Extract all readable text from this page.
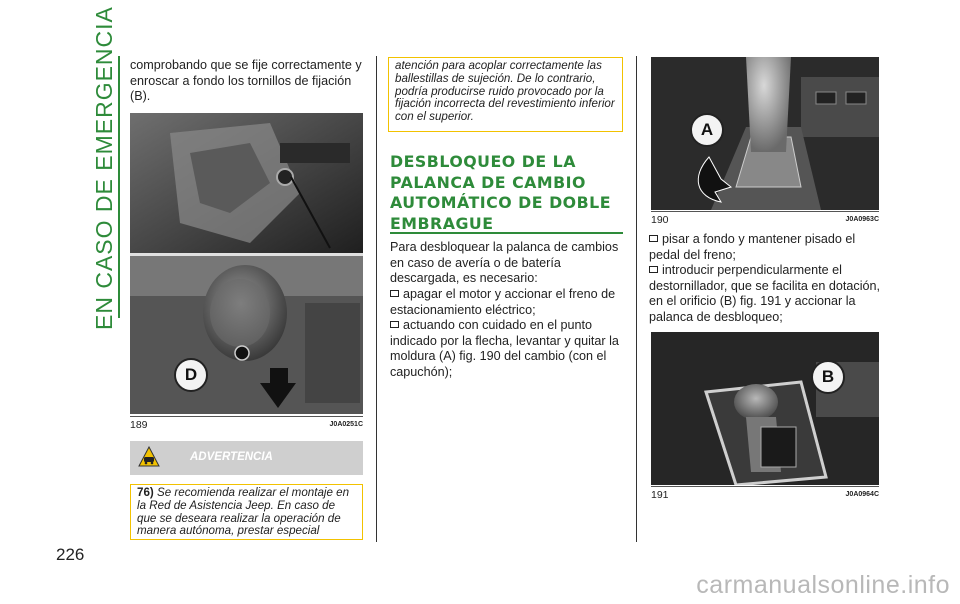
EN CASO DE EMERGENCIA
226
comprobando que se fije correctamente y enroscar a fondo los tornillos de fijación (B).
D
189	J0A0251C
ADVERTENCIA
76) Se recomienda realizar el montaje en la Red de Asistencia Jeep. En caso de que se deseara realizar la operación de manera autónoma, prestar especial
atención para acoplar correctamente las ballestillas de sujeción. De lo contrario, podría producirse ruido provocado por la fijación incorrecta del revestimiento inferior con el superior.
DESBLOQUEO DE LA PALANCA DE CAMBIO AUTOMÁTICO DE DOBLE EMBRAGUE
Para desbloquear la palanca de cambios en caso de avería o de batería descargada, es necesario:
apagar el motor y accionar el freno de estacionamiento eléctrico;
actuando con cuidado en el punto indicado por la flecha, levantar y quitar la moldura (A) fig. 190 del cambio (con el capuchón);
A
190	J0A0963C
pisar a fondo y mantener pisado el pedal del freno;
introducir perpendicularmente el destornillador, que se facilita en dotación, en el orificio (B) fig. 191 y accionar la palanca de desbloqueo;
B
191	J0A0964C
carmanualsonline.info
